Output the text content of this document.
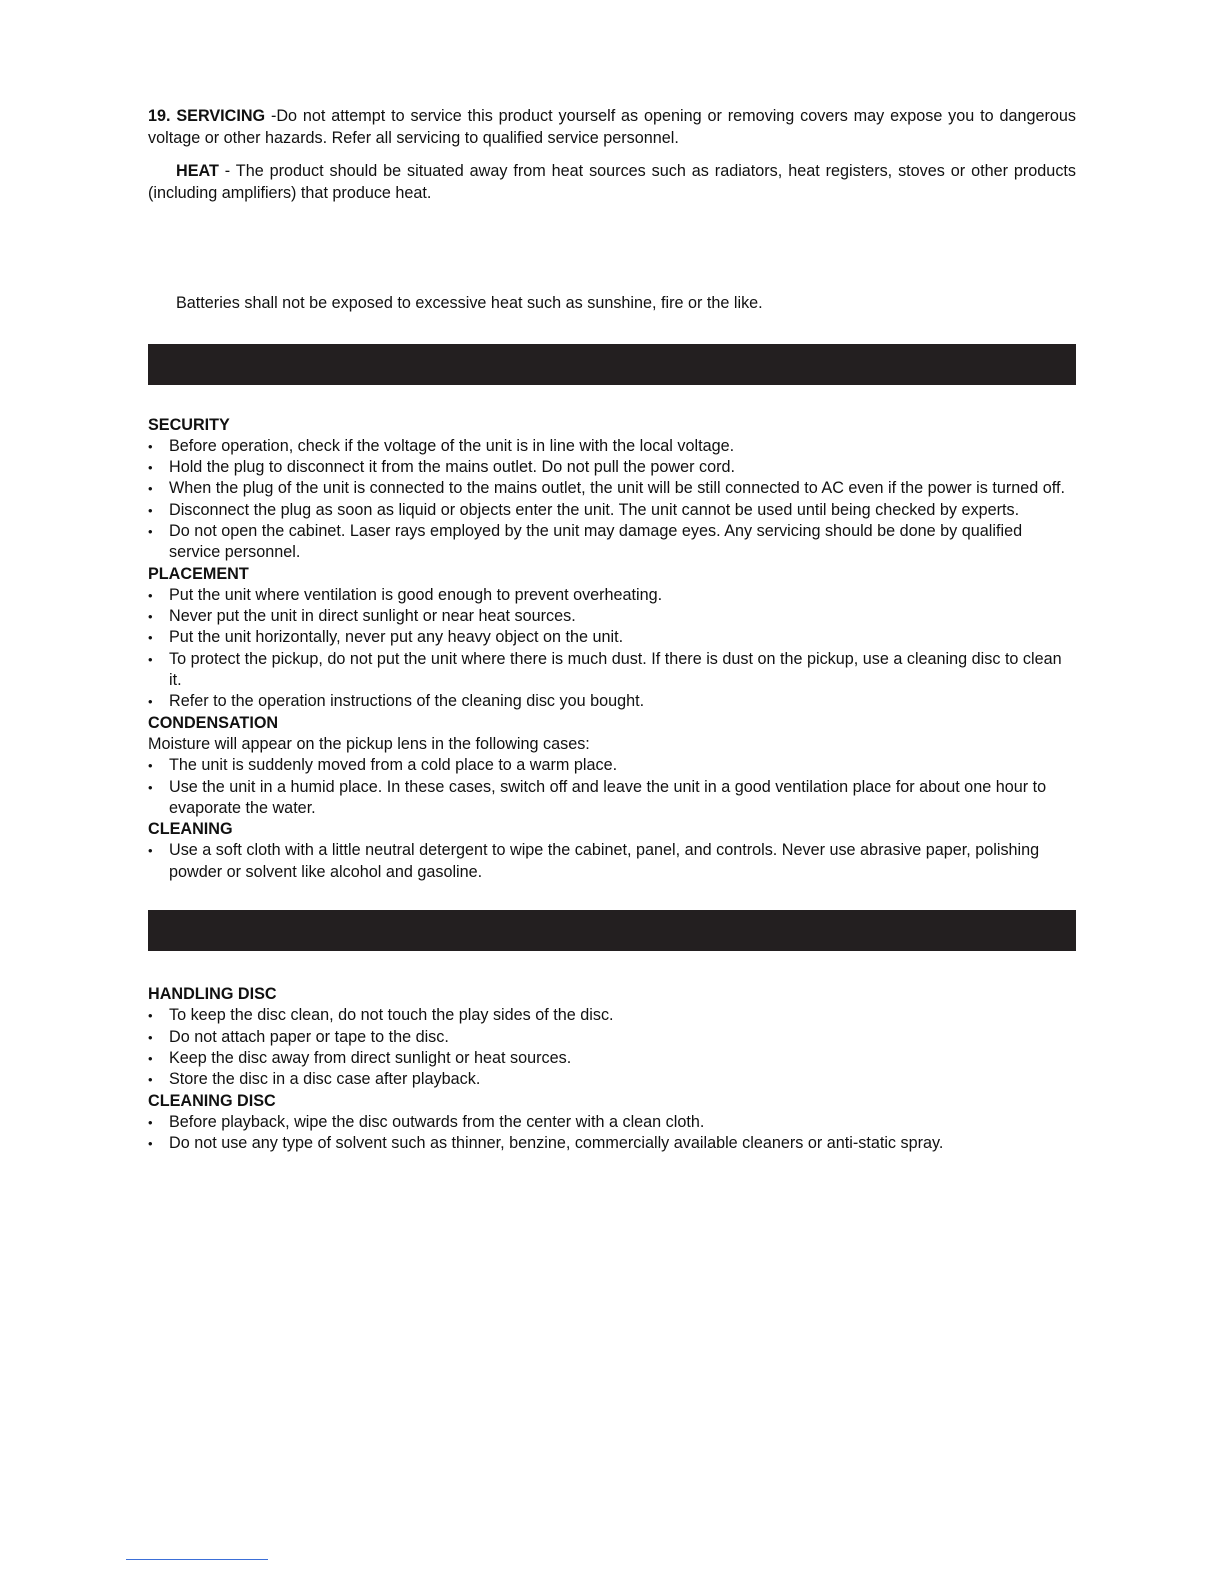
19. SERVICING -Do not attempt to service this product yourself as opening or removing covers may expose you to dangerous voltage or other hazards. Refer all servicing to qualified service personnel.

HEAT - The product should be situated away from heat sources such as radiators, heat registers, stoves or other products (including amplifiers) that produce heat.

Batteries shall not be exposed to excessive heat such as sunshine, fire or the like.

SECURITY
• Before operation, check if the voltage of the unit is in line with the local voltage.
• Hold the plug to disconnect it from the mains outlet. Do not pull the power cord.
• When the plug of the unit is connected to the mains outlet, the unit will be still connected to AC even if the power is turned off.
• Disconnect the plug as soon as liquid or objects enter the unit. The unit cannot be used until being checked by experts.
• Do not open the cabinet. Laser rays employed by the unit may damage eyes. Any servicing should be done by qualified service personnel.
PLACEMENT
• Put the unit where ventilation is good enough to prevent overheating.
• Never put the unit in direct sunlight or near heat sources.
• Put the unit horizontally, never put any heavy object on the unit.
• To protect the pickup, do not put the unit where there is much dust. If there is dust on the pickup, use a cleaning disc to clean it.
• Refer to the operation instructions of the cleaning disc you bought.
CONDENSATION
Moisture will appear on the pickup lens in the following cases:
• The unit is suddenly moved from a cold place to a warm place.
• Use the unit in a humid place. In these cases, switch off and leave the unit in a good ventilation place for about one hour to evaporate the water.
CLEANING
• Use a soft cloth with a little neutral detergent to wipe the cabinet, panel, and controls. Never use abrasive paper, polishing powder or solvent like alcohol and gasoline.
HANDLING DISC
• To keep the disc clean, do not touch the play sides of the disc.
• Do not attach paper or tape to the disc.
• Keep the disc away from direct sunlight or heat sources.
• Store the disc in a disc case after playback.
CLEANING DISC
• Before playback, wipe the disc outwards from the center with a clean cloth.
• Do not use any type of solvent such as thinner, benzine, commercially available cleaners or anti-static spray.
